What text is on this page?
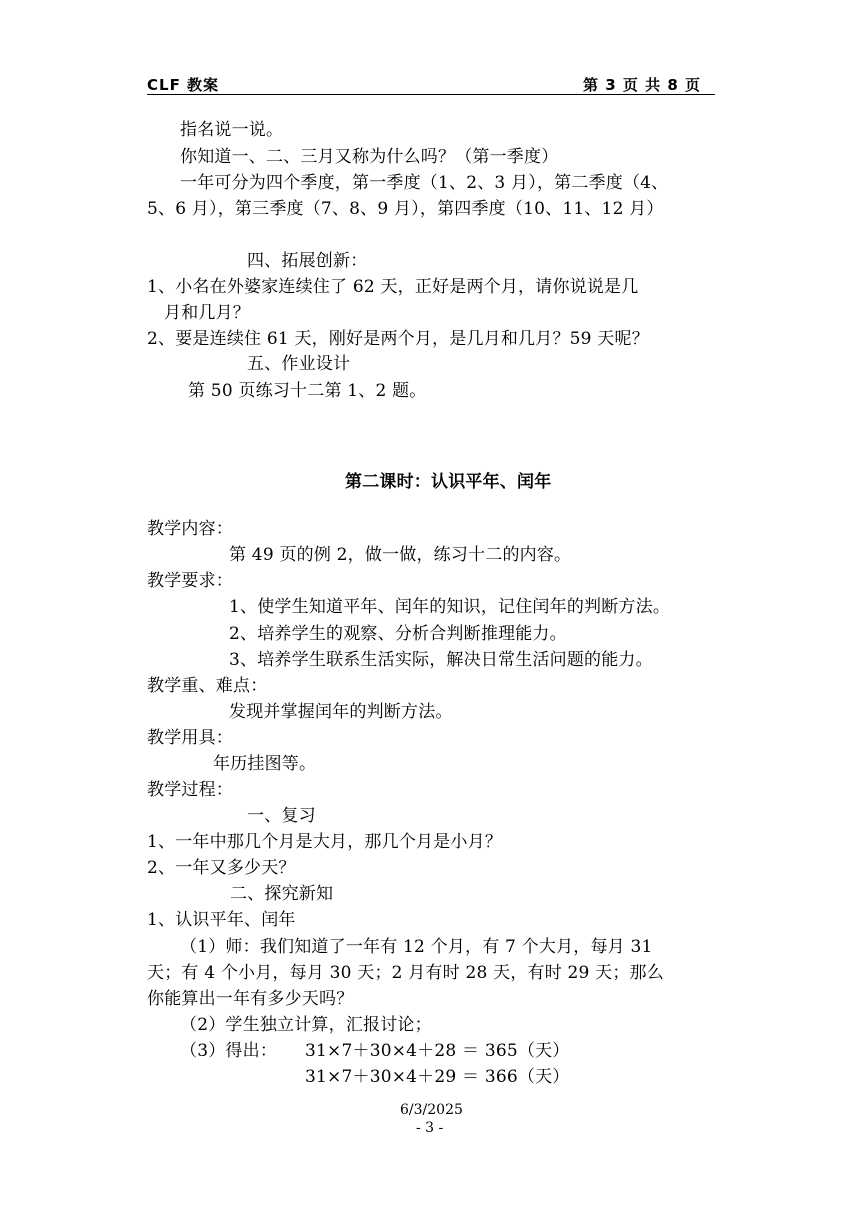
CLF 教案	第 3 页 共 8 页
指名说一说。
你知道一、二、三月又称为什么吗？（第一季度）
一年可分为四个季度，第一季度（1、2、3 月），第二季度（4、
5、6 月），第三季度（7、8、9 月），第四季度（10、11、12 月）
四、拓展创新：
1、小名在外婆家连续住了 62 天，正好是两个月，请你说说是几
月和几月？
2、要是连续住 61 天，刚好是两个月，是几月和几月？59 天呢？
五、作业设计
第 50 页练习十二第 1、2 题。
第二课时：认识平年、闰年
教学内容：
第 49 页的例 2，做一做，练习十二的内容。
教学要求：
1、使学生知道平年、闰年的知识，记住闰年的判断方法。
2、培养学生的观察、分析合判断推理能力。
3、培养学生联系生活实际，解决日常生活问题的能力。
教学重、难点：
发现并掌握闰年的判断方法。
教学用具：
年历挂图等。
教学过程：
一、复习
1、一年中那几个月是大月，那几个月是小月？
2、一年又多少天？
二、探究新知
1、认识平年、闰年
（1）师：我们知道了一年有 12 个月，有 7 个大月，每月 31
天；有 4 个小月，每月 30 天；2 月有时 28 天，有时 29 天；那么
你能算出一年有多少天吗？
（2）学生独立计算，汇报讨论；
（3）得出： 31×7＋30×4＋28 ＝ 365（天）
31×7＋30×4＋29 ＝ 366（天）
6/3/2025
- 3 -
